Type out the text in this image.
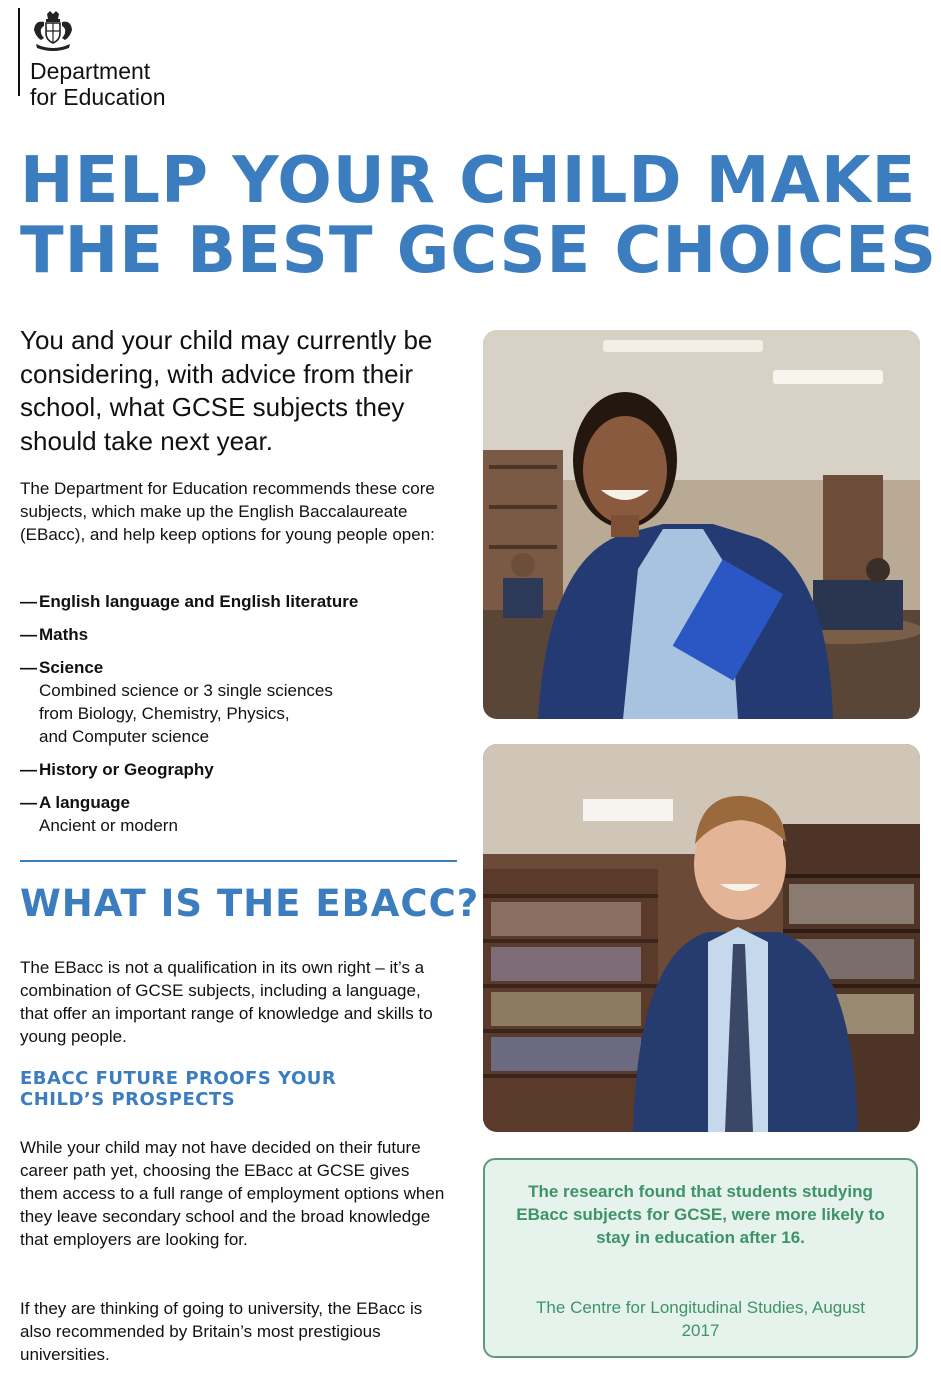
Department
for Education
HELP YOUR CHILD MAKE
THE BEST GCSE CHOICES
You and your child may currently be considering, with advice from their school, what GCSE subjects they should take next year.
The Department for Education recommends these core subjects, which make up the English Baccalaureate (EBacc), and help keep options for young people open:
— English language and English literature
— Maths
— Science
Combined science or 3 single sciences
from Biology, Chemistry, Physics,
and Computer science
— History or Geography
— A language
Ancient or modern
WHAT IS THE EBACC?
The EBacc is not a qualification in its own right – it’s a combination of GCSE subjects, including a language, that offer an important range of knowledge and skills to young people.
EBACC FUTURE PROOFS YOUR CHILD’S PROSPECTS
While your child may not have decided on their future career path yet, choosing the EBacc at GCSE gives them access to a full range of employment options when they leave secondary school and the broad knowledge that employers are looking for.
If they are thinking of going to university, the EBacc is also recommended by Britain’s most prestigious universities.
The research found that students studying EBacc subjects for GCSE, were more likely to stay in education after 16.
The Centre for Longitudinal Studies, August 2017
